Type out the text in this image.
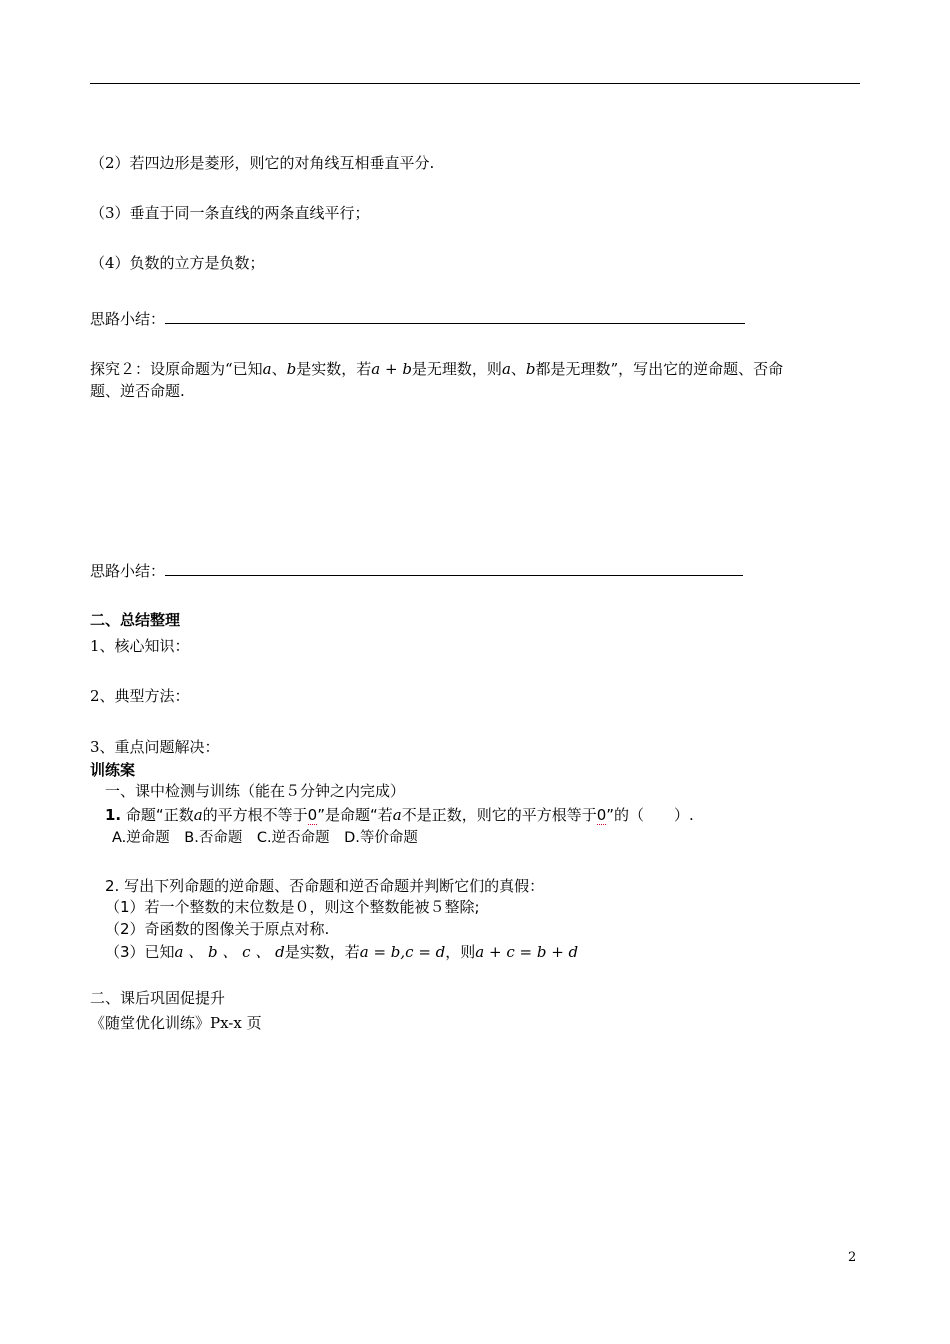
（2）若四边形是菱形，则它的对角线互相垂直平分.
（3）垂直于同一条直线的两条直线平行；
（4）负数的立方是负数；
思路小结：
探究２：设原命题为“已知a、b是实数，若a + b是无理数，则a、b都是无理数”，写出它的逆命题、否命
题、逆否命题.
思路小结：
二、总结整理
1、核心知识：
2、典型方法：
3、重点问题解决：
训练案
一、课中检测与训练（能在５分钟之内完成）
1. 命题“正数a的平方根不等于0”是命题“若a不是正数，则它的平方根等于0”的（　　）.
A.逆命题　B.否命题　C.逆否命题　D.等价命题
2. 写出下列命题的逆命题、否命题和逆否命题并判断它们的真假：
（1）若一个整数的末位数是０，则这个整数能被５整除;
（2）奇函数的图像关于原点对称.
（3）已知a 、 b 、 c 、 d是实数，若a = b,c = d，则a + c = b + d
二、课后巩固促提升
《随堂优化训练》Px-x 页
2
